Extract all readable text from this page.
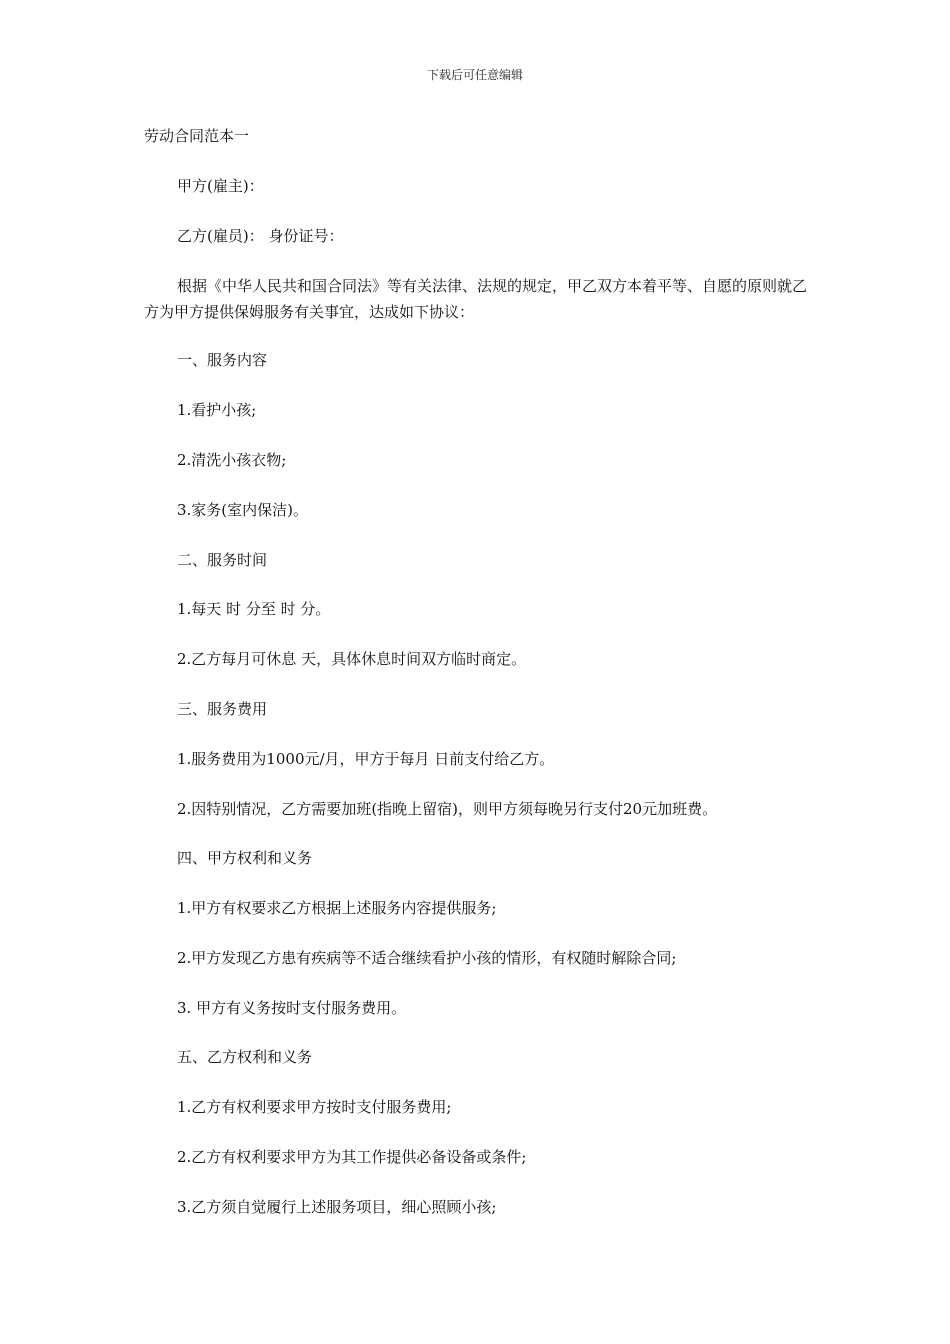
下载后可任意编辑
劳动合同范本一
甲方(雇主)：
乙方(雇员)： 身份证号：
根据《中华人民共和国合同法》等有关法律、法规的规定，甲乙双方本着平等、自愿的原则就乙方为甲方提供保姆服务有关事宜，达成如下协议：
一、服务内容
1.看护小孩;
2.清洗小孩衣物;
3.家务(室内保洁)。
二、服务时间
1.每天 时 分至 时 分。
2.乙方每月可休息 天，具体休息时间双方临时商定。
三、服务费用
1.服务费用为1000元/月，甲方于每月 日前支付给乙方。
2.因特别情况，乙方需要加班(指晚上留宿)，则甲方须每晚另行支付20元加班费。
四、甲方权利和义务
1.甲方有权要求乙方根据上述服务内容提供服务;
2.甲方发现乙方患有疾病等不适合继续看护小孩的情形，有权随时解除合同;
3. 甲方有义务按时支付服务费用。
五、乙方权利和义务
1.乙方有权利要求甲方按时支付服务费用;
2.乙方有权利要求甲方为其工作提供必备设备或条件;
3.乙方须自觉履行上述服务项目，细心照顾小孩;
